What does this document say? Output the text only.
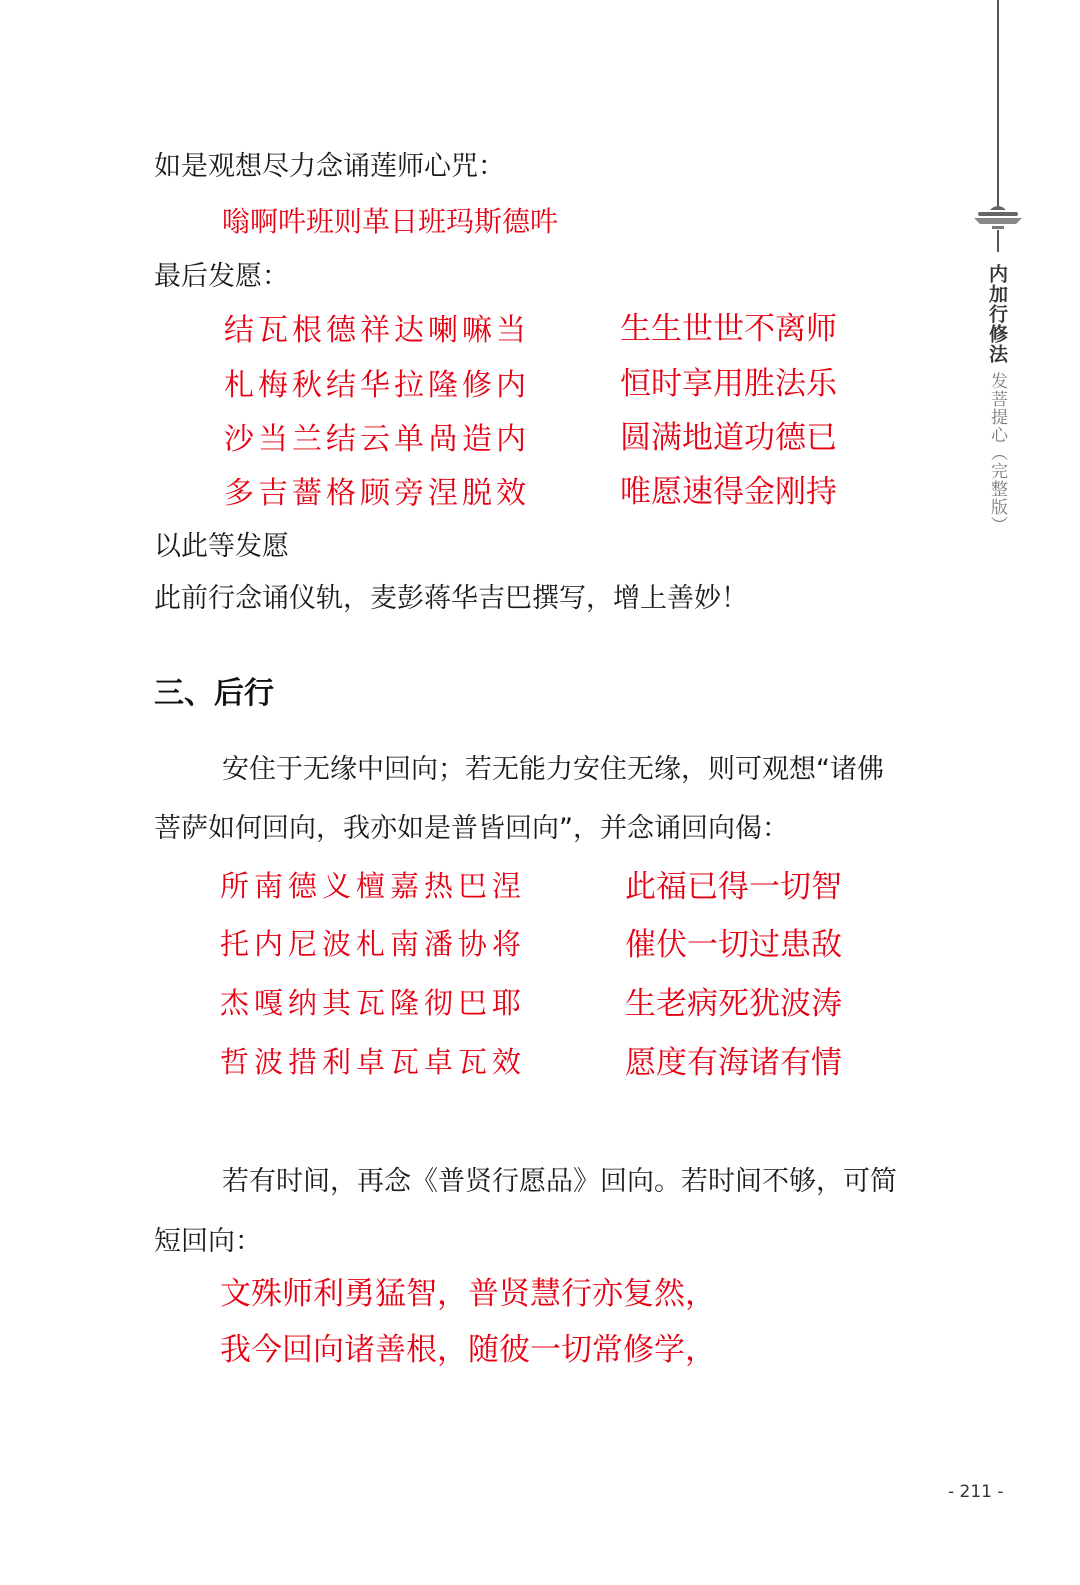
内加行修法
发菩提心（完整版）
如是观想尽力念诵莲师心咒：
嗡啊吽班则革日班玛斯德吽
最后发愿：
结瓦根德祥达喇嘛当	生生世世不离师
札梅秋结华拉隆修内	恒时享用胜法乐
沙当兰结云单咼造内	圆满地道功德已
多吉薔格顾旁涅脱效	唯愿速得金刚持
以此等发愿
此前行念诵仪轨，麦彭蒋华吉巴撰写，增上善妙！
三、后行
安住于无缘中回向；若无能力安住无缘，则可观想“诸佛
菩萨如何回向，我亦如是普皆回向”，并念诵回向偈：
所南德义檀嘉热巴涅	此福已得一切智
托内尼波札南潘协将	催伏一切过患敌
杰嘎纳其瓦隆彻巴耶	生老病死犹波涛
哲波措利卓瓦卓瓦效	愿度有海诸有情
若有时间，再念《普贤行愿品》回向。若时间不够，可简
短回向：
文殊师利勇猛智，普贤慧行亦复然，
我今回向诸善根，随彼一切常修学，
- 211 -
